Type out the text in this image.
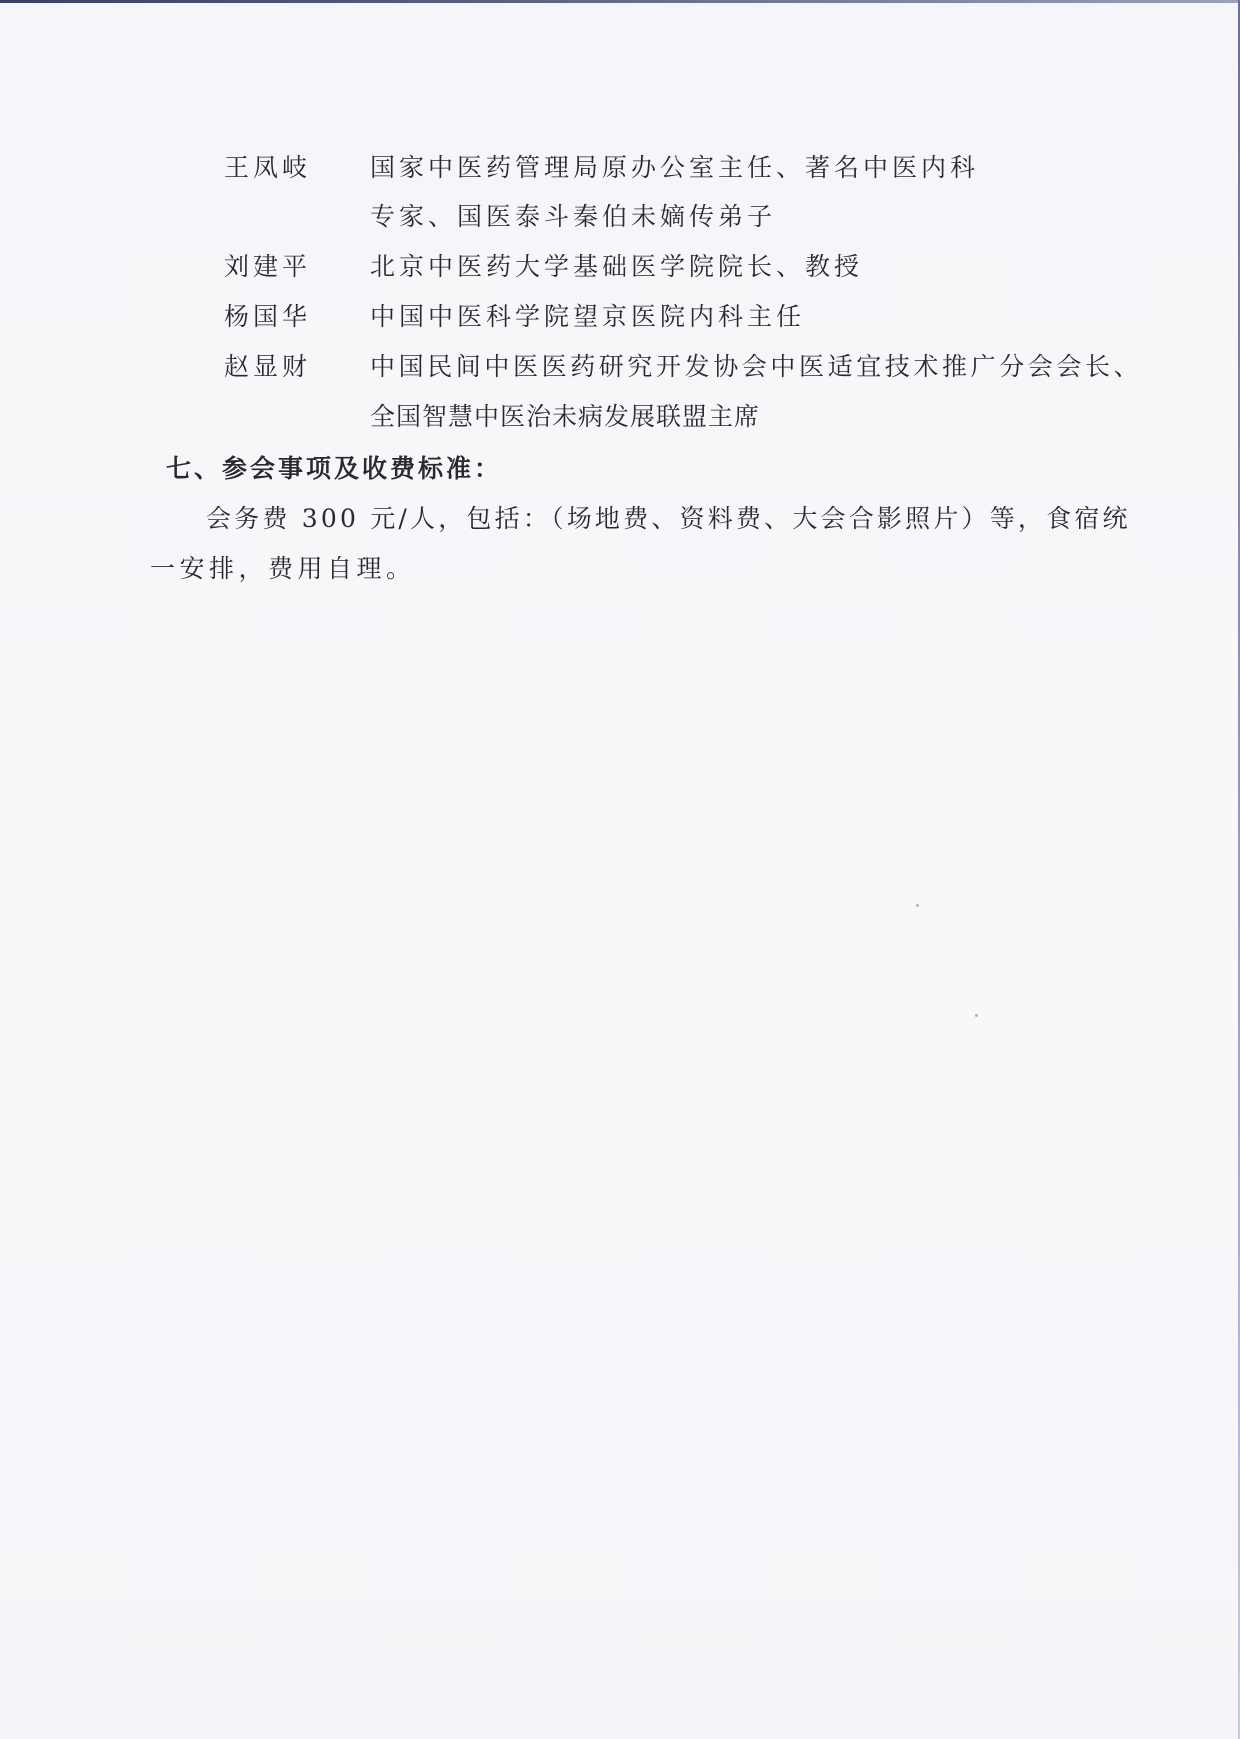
王凤岐	国家中医药管理局原办公室主任、著名中医内科
专家、国医泰斗秦伯未嫡传弟子
刘建平	北京中医药大学基础医学院院长、教授
杨国华	中国中医科学院望京医院内科主任
赵显财	中国民间中医医药研究开发协会中医适宜技术推广分会会长、
全国智慧中医治未病发展联盟主席
七、参会事项及收费标准：
会务费 300 元/人，包括：（场地费、资料费、大会合影照片）等，食宿统
一安排，费用自理。
